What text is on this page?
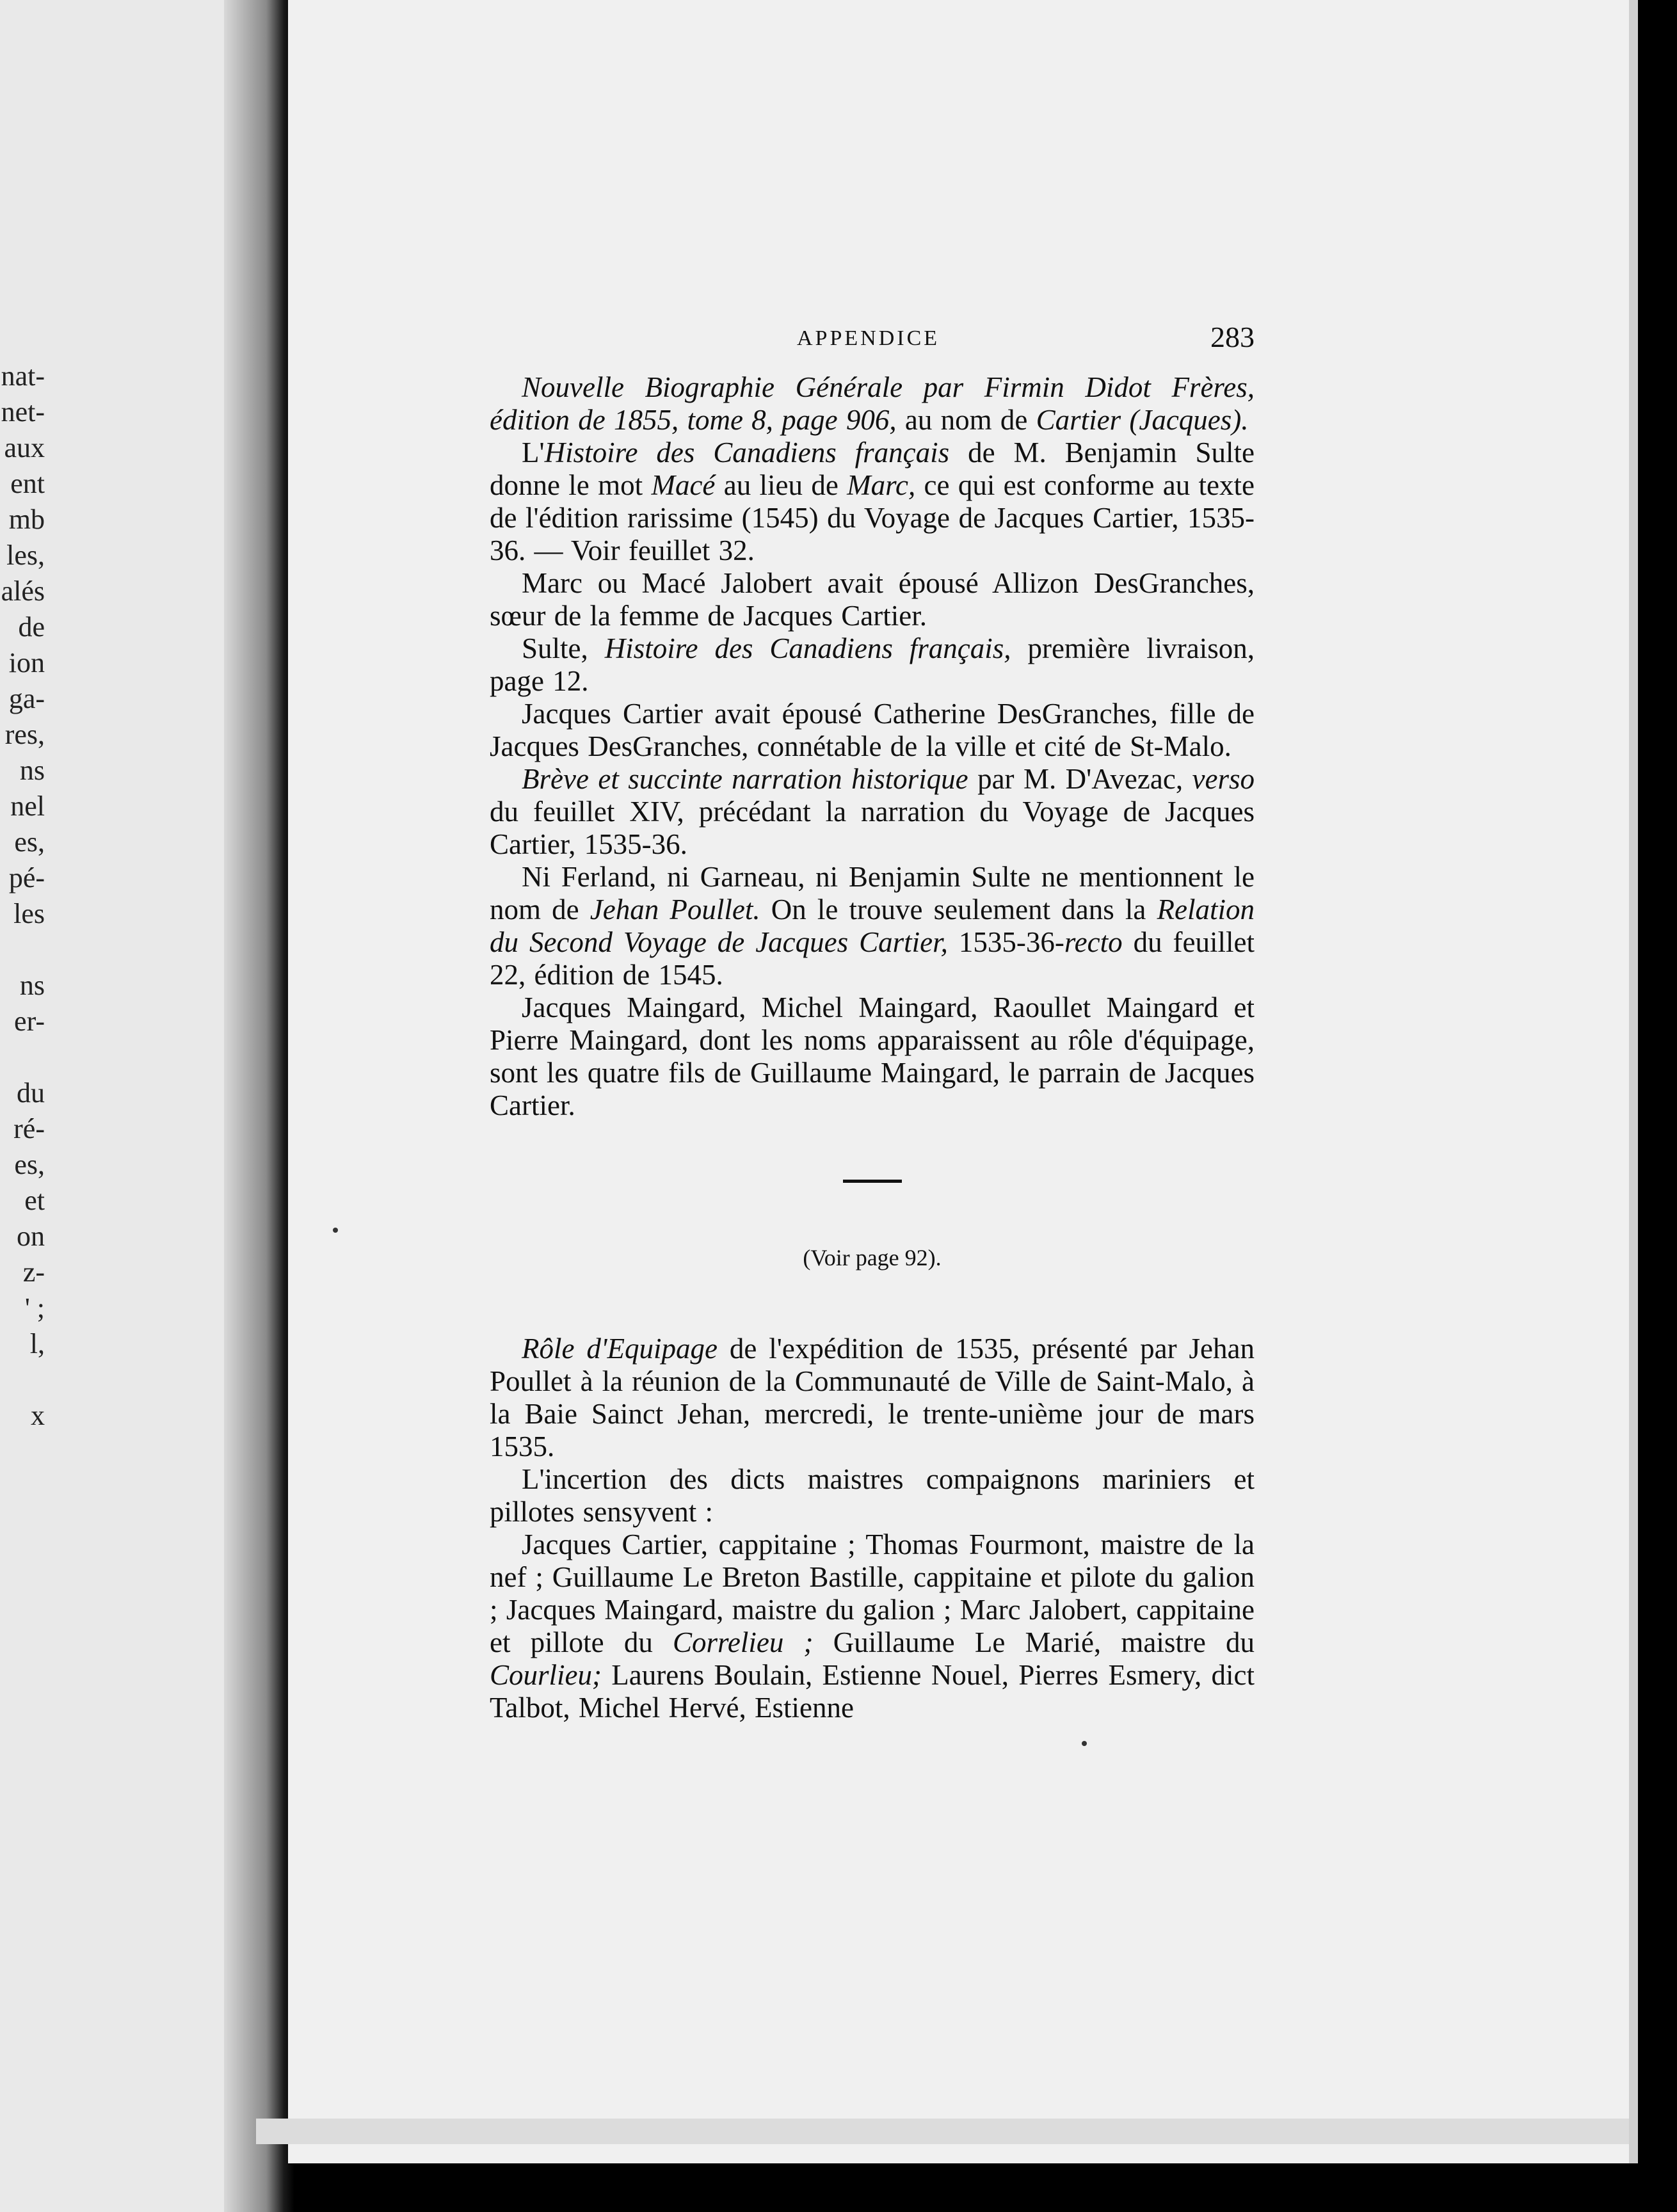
nat-
net-
aux
ent
mb
les,
alés
de
ion
ga-
res,
ns
nel
es,
pé-
les
ns
er-
du
ré-
es,
et
on
z-
' ;
l,
x
APPENDICE	283

Nouvelle Biographie Générale par Firmin Didot Frères, édition de 1855, tome 8, page 906, au nom de Cartier (Jacques).

L'Histoire des Canadiens français de M. Benjamin Sulte donne le mot Macé au lieu de Marc, ce qui est conforme au texte de l'édition rarissime (1545) du Voyage de Jacques Cartier, 1535-36. — Voir feuillet 32.

Marc ou Macé Jalobert avait épousé Allizon DesGranches, sœur de la femme de Jacques Cartier.

Sulte, Histoire des Canadiens français, première livraison, page 12.

Jacques Cartier avait épousé Catherine DesGranches, fille de Jacques DesGranches, connétable de la ville et cité de St-Malo.

Brève et succinte narration historique par M. D'Avezac, verso du feuillet XIV, précédant la narration du Voyage de Jacques Cartier, 1535-36.

Ni Ferland, ni Garneau, ni Benjamin Sulte ne mentionnent le nom de Jehan Poullet. On le trouve seulement dans la Relation du Second Voyage de Jacques Cartier, 1535-36-recto du feuillet 22, édition de 1545.

Jacques Maingard, Michel Maingard, Raoullet Maingard et Pierre Maingard, dont les noms apparaissent au rôle d'équipage, sont les quatre fils de Guillaume Maingard, le parrain de Jacques Cartier.

(Voir page 92).

Rôle d'Equipage de l'expédition de 1535, présenté par Jehan Poullet à la réunion de la Communauté de Ville de Saint-Malo, à la Baie Sainct Jehan, mercredi, le trente-unième jour de mars 1535.

L'incertion des dicts maistres compaignons mariniers et pillotes sensyvent :

Jacques Cartier, cappitaine ; Thomas Fourmont, maistre de la nef ; Guillaume Le Breton Bastille, cappitaine et pilote du galion ; Jacques Maingard, maistre du galion ; Marc Jalobert, cappitaine et pillote du Correlieu ; Guillaume Le Marié, maistre du Courlieu; Laurens Boulain, Estienne Nouel, Pierres Esmery, dict Talbot, Michel Hervé, Estienne
